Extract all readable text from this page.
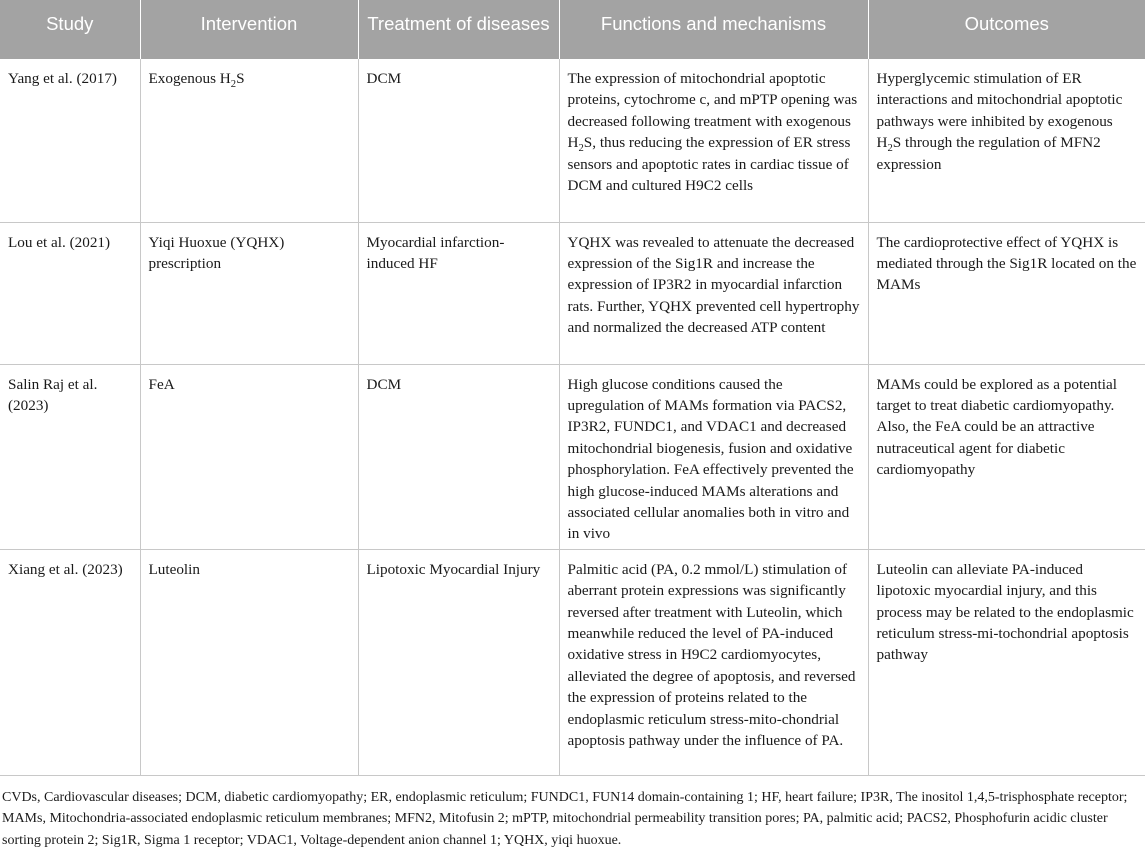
Study	Intervention	Treatment of diseases	Functions and mechanisms	Outcomes
Yang et al. (2017)	Exogenous $H_2S$	DCM	The expression of mitochondrial apoptotic proteins, cytochrome c, and mPTP opening was decreased following treatment with exogenous $H_2S$, thus reducing the expression of ER stress sensors and apoptotic rates in cardiac tissue of DCM and cultured H9C2 cells	Hyperglycemic stimulation of ER interactions and mitochondrial apoptotic pathways were inhibited by exogenous $H_2S$ through the regulation of MFN2 expression
Lou et al. (2021)	Yiqi Huoxue (YQHX) prescription	Myocardial infarction-induced HF	YQHX was revealed to attenuate the decreased expression of the Sig1R and increase the expression of IP3R2 in myocardial infarction rats. Further, YQHX prevented cell hypertrophy and normalized the decreased ATP content	The cardioprotective effect of YQHX is mediated through the Sig1R located on the MAMs
Salin Raj et al. (2023)	FeA	DCM	High glucose conditions caused the upregulation of MAMs formation via PACS2, IP3R2, FUNDC1, and VDAC1 and decreased mitochondrial biogenesis, fusion and oxidative phosphorylation. FeA effectively prevented the high glucose-induced MAMs alterations and associated cellular anomalies both in vitro and in vivo	MAMs could be explored as a potential target to treat diabetic cardiomyopathy. Also, the FeA could be an attractive nutraceutical agent for diabetic cardiomyopathy
Xiang et al. (2023)	Luteolin	Lipotoxic Myocardial Injury	Palmitic acid (PA, 0.2 mmol/L) stimulation of aberrant protein expressions was significantly reversed after treatment with Luteolin, which meanwhile reduced the level of PA-induced oxidative stress in H9C2 cardiomyocytes, alleviated the degree of apoptosis, and reversed the expression of proteins related to the endoplasmic reticulum stress-mito-chondrial apoptosis pathway under the influence of PA.	Luteolin can alleviate PA-induced lipotoxic myocardial injury, and this process may be related to the endoplasmic reticulum stress-mi-tochondrial apoptosis pathway
CVDs, Cardiovascular diseases; DCM, diabetic cardiomyopathy; ER, endoplasmic reticulum; FUNDC1, FUN14 domain-containing 1; HF, heart failure; IP3R, The inositol 1,4,5-trisphosphate receptor; MAMs, Mitochondria-associated endoplasmic reticulum membranes; MFN2, Mitofusin 2; mPTP, mitochondrial permeability transition pores; PA, palmitic acid; PACS2, Phosphofurin acidic cluster sorting protein 2; Sig1R, Sigma 1 receptor; VDAC1, Voltage-dependent anion channel 1; YQHX, yiqi huoxue.
